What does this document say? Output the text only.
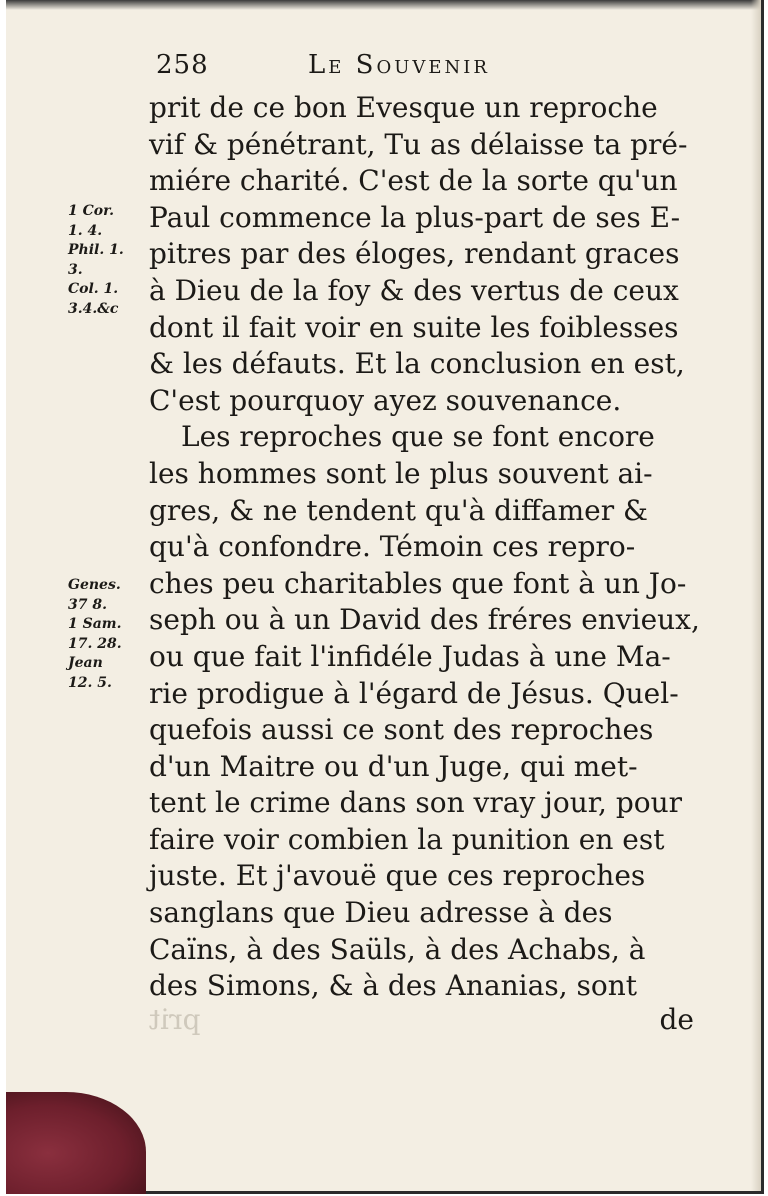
258	Le Souvenir
1 Cor.
1. 4.
Phil. 1.
3.
Col. 1.
3.4.&c
Genes.
37 8.
1 Sam.
17. 28.
Jean
12. 5.
prit de ce bon Evesque un reproche
vif & pénétrant, Tu as délaisse ta pré-
miére charité. C'est de la sorte qu'un
Paul commence la plus-part de ses E-
pitres par des éloges, rendant graces
à Dieu de la foy & des vertus de ceux
dont il fait voir en suite les foiblesses
& les défauts. Et la conclusion en est,
C'est pourquoy ayez souvenance.
Les reproches que se font encore
les hommes sont le plus souvent ai-
gres, & ne tendent qu'à diffamer &
qu'à confondre. Témoin ces repro-
ches peu charitables que font à un Jo-
seph ou à un David des fréres envieux,
ou que fait l'infidéle Judas à une Ma-
rie prodigue à l'égard de Jésus. Quel-
quefois aussi ce sont des reproches
d'un Maitre ou d'un Juge, qui met-
tent le crime dans son vray jour, pour
faire voir combien la punition en est
juste. Et j'avouë que ces reproches
sanglans que Dieu adresse à des
Caïns, à des Saüls, à des Achabs, à
des Simons, & à des Ananias, sont
prit	de
